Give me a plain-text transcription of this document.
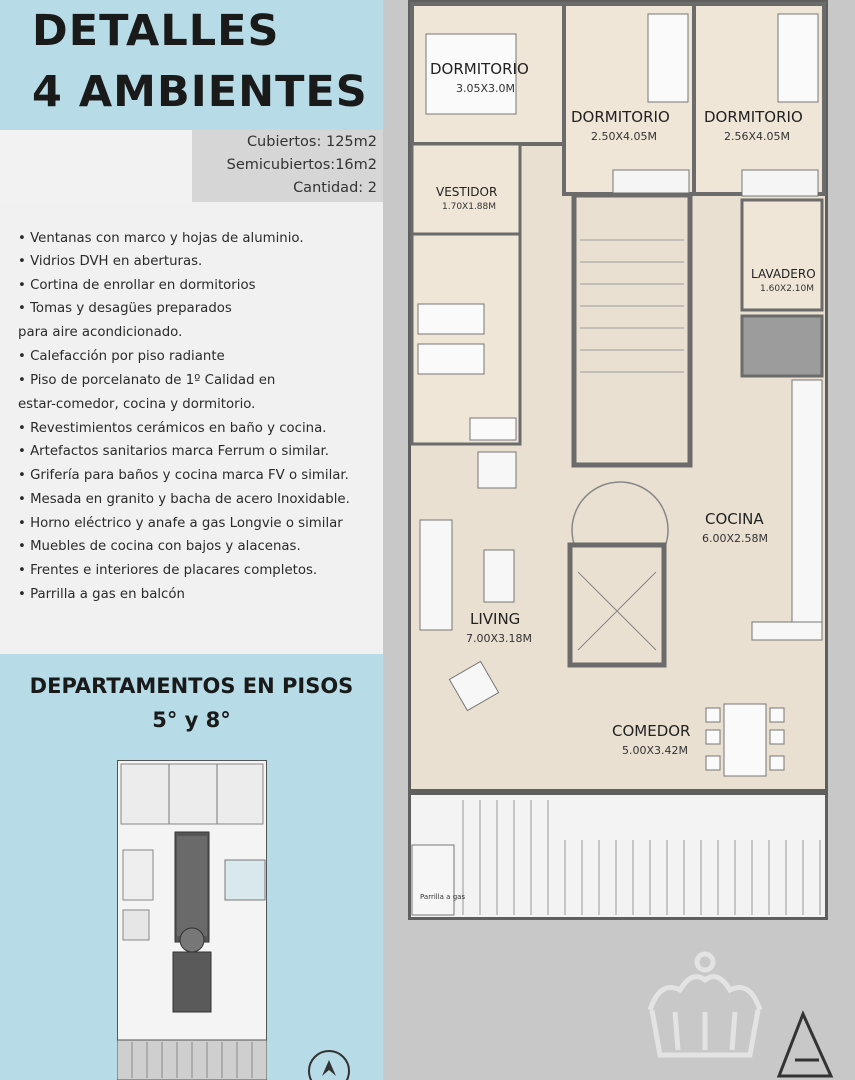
DETALLES
4 AMBIENTES
Cubiertos: 125m2
Semicubiertos:16m2
Cantidad: 2
• Ventanas con marco y hojas de aluminio.
• Vidrios DVH en aberturas.
• Cortina de enrollar en dormitorios
• Tomas y desagües preparados
para aire acondicionado.
• Calefacción por piso radiante
• Piso de porcelanato de 1º Calidad en
estar-comedor, cocina y dormitorio.
• Revestimientos cerámicos en baño y cocina.
• Artefactos sanitarios marca Ferrum o similar.
• Grifería para baños y cocina marca FV o similar.
• Mesada en granito y bacha de acero Inoxidable.
• Horno eléctrico y anafe a gas Longvie o similar
• Muebles de cocina con bajos y alacenas.
• Frentes e interiores de placares completos.
• Parrilla a gas en balcón
DEPARTAMENTOS EN PISOS
5° y 8°
DORMITORIO
3.05X3.0M
DORMITORIO
2.50X4.05M
DORMITORIO
2.56X4.05M
VESTIDOR
1.70X1.88M
LAVADERO
1.60X2.10M
COCINA
6.00X2.58M
LIVING
7.00X3.18M
COMEDOR
5.00X3.42M
Parrilla a gas
